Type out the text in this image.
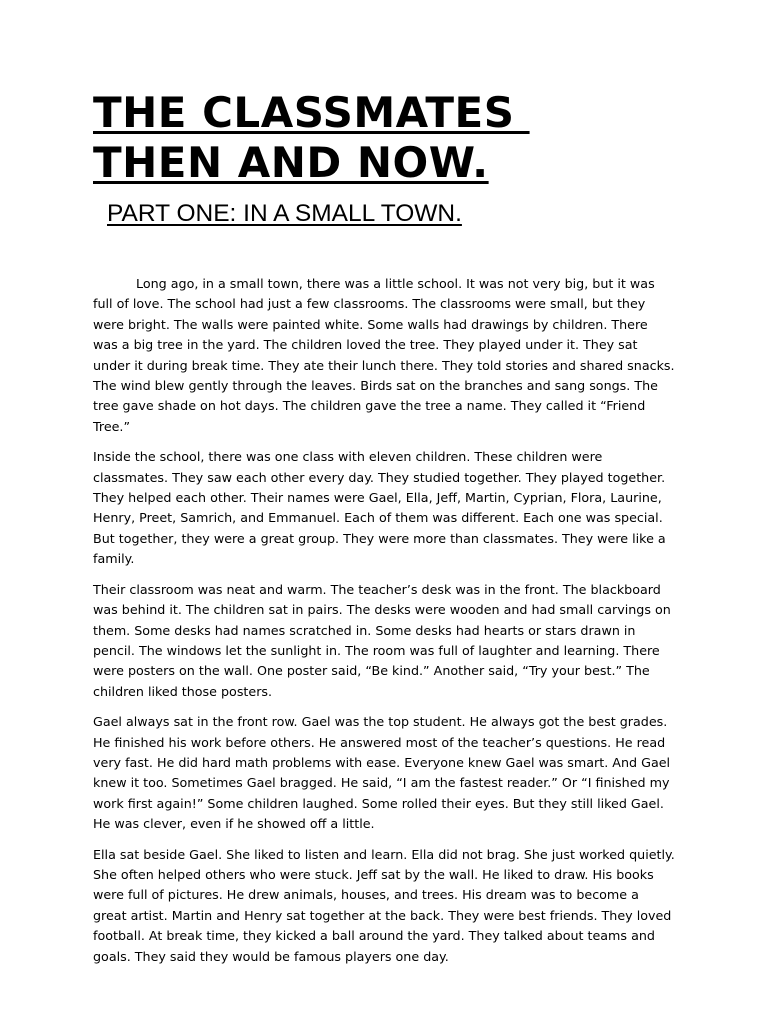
THE CLASSMATES
THEN AND NOW.
PART ONE: IN A SMALL TOWN.

Long ago, in a small town, there was a little school. It was not very big, but it was full of love. The school had just a few classrooms. The classrooms were small, but they were bright. The walls were painted white. Some walls had drawings by children. There was a big tree in the yard. The children loved the tree. They played under it. They sat under it during break time. They ate their lunch there. They told stories and shared snacks. The wind blew gently through the leaves. Birds sat on the branches and sang songs. The tree gave shade on hot days. The children gave the tree a name. They called it “Friend Tree.”

Inside the school, there was one class with eleven children. These children were classmates. They saw each other every day. They studied together. They played together. They helped each other. Their names were Gael, Ella, Jeff, Martin, Cyprian, Flora, Laurine, Henry, Preet, Samrich, and Emmanuel. Each of them was different. Each one was special. But together, they were a great group. They were more than classmates. They were like a family.

Their classroom was neat and warm. The teacher’s desk was in the front. The blackboard was behind it. The children sat in pairs. The desks were wooden and had small carvings on them. Some desks had names scratched in. Some desks had hearts or stars drawn in pencil. The windows let the sunlight in. The room was full of laughter and learning. There were posters on the wall. One poster said, “Be kind.” Another said, “Try your best.” The children liked those posters.

Gael always sat in the front row. Gael was the top student. He always got the best grades. He finished his work before others. He answered most of the teacher’s questions. He read very fast. He did hard math problems with ease. Everyone knew Gael was smart. And Gael knew it too. Sometimes Gael bragged. He said, “I am the fastest reader.” Or “I finished my work first again!” Some children laughed. Some rolled their eyes. But they still liked Gael. He was clever, even if he showed off a little.

Ella sat beside Gael. She liked to listen and learn. Ella did not brag. She just worked quietly. She often helped others who were stuck. Jeff sat by the wall. He liked to draw. His books were full of pictures. He drew animals, houses, and trees. His dream was to become a great artist. Martin and Henry sat together at the back. They were best friends. They loved football. At break time, they kicked a ball around the yard. They talked about teams and goals. They said they would be famous players one day.
